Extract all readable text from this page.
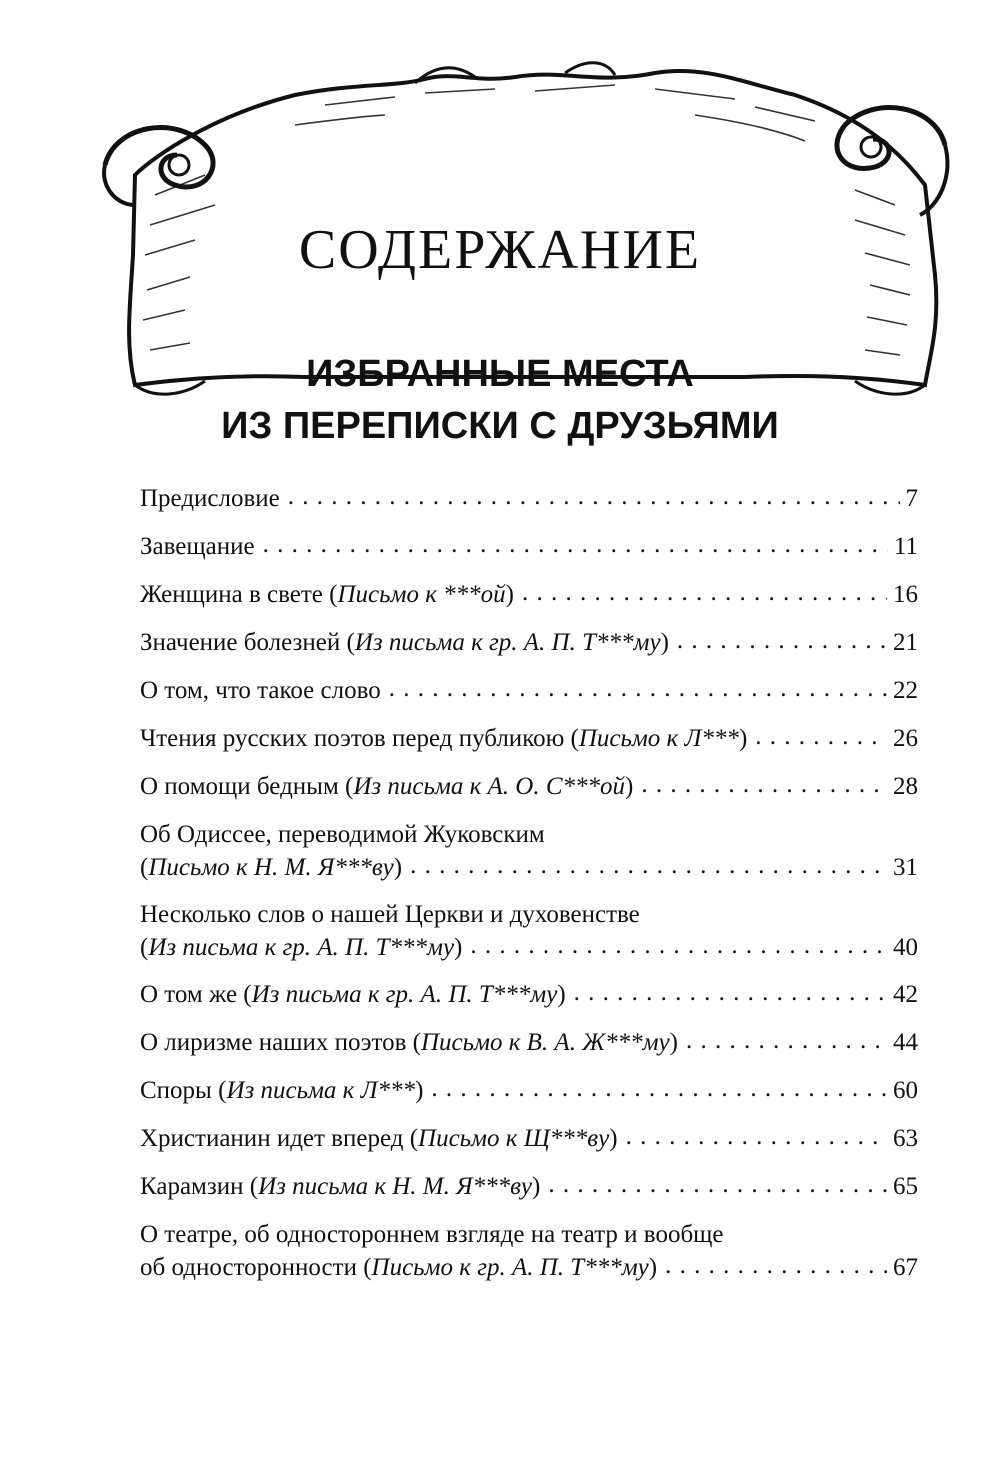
СОДЕРЖАНИЕ
ИЗБРАННЫЕ МЕСТА
ИЗ ПЕРЕПИСКИ С ДРУЗЬЯМИ
Предисловие . . .	7
Завещание . . .	11
Женщина в свете (Письмо к ***ой) . . .	16
Значение болезней (Из письма к гр. А. П. Т***му) . . .	21
О том, что такое слово . . .	22
Чтения русских поэтов перед публикою (Письмо к Л***) . . .	26
О помощи бедным (Из письма к А. О. С***ой) . . .	28
Об Одиссее, переводимой Жуковским
(Письмо к Н. М. Я***ву) . . .	31
Несколько слов о нашей Церкви и духовенстве
(Из письма к гр. А. П. Т***му) . . .	40
О том же (Из письма к гр. А. П. Т***му) . . .	42
О лиризме наших поэтов (Письмо к В. А. Ж***му) . . .	44
Споры (Из письма к Л***) . . .	60
Христианин идет вперед (Письмо к Щ***ву) . . .	63
Карамзин (Из письма к Н. М. Я***ву) . . .	65
О театре, об одностороннем взгляде на театр и вообще
об односторонности (Письмо к гр. А. П. Т***му) . . .	67
